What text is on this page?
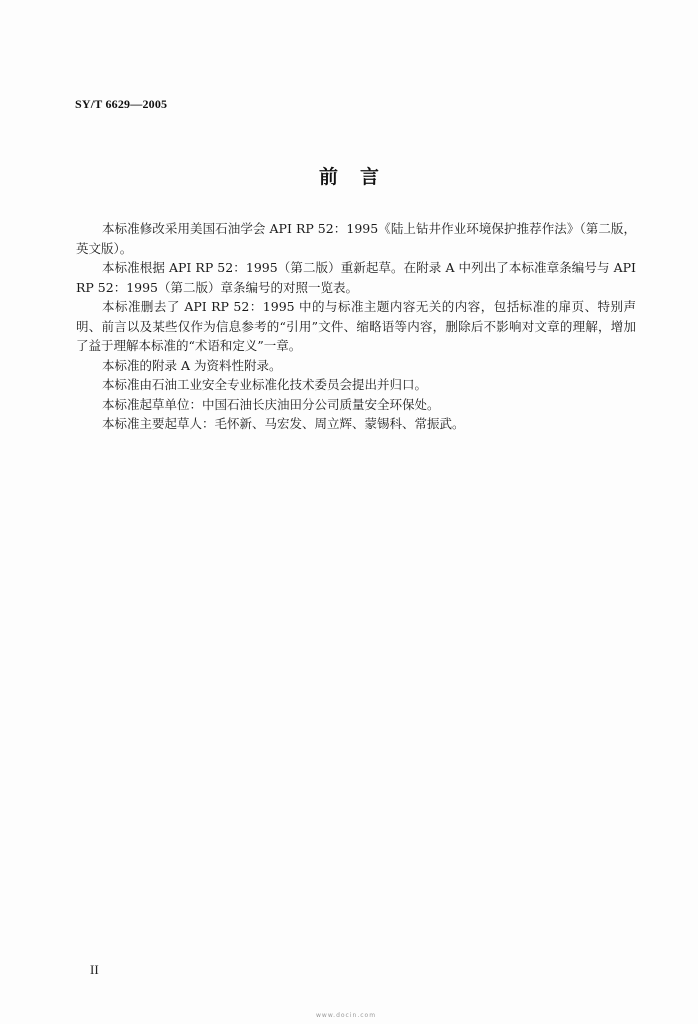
SY/T 6629—2005
前言

本标准修改采用美国石油学会 API RP 52：1995《陆上钻井作业环境保护推荐作法》（第二版，英文版）。

本标准根据 API RP 52：1995（第二版）重新起草。在附录 A 中列出了本标准章条编号与 API RP 52：1995（第二版）章条编号的对照一览表。

本标准删去了 API RP 52：1995 中的与标准主题内容无关的内容，包括标准的扉页、特别声明、前言以及某些仅作为信息参考的“引用”文件、缩略语等内容，删除后不影响对文章的理解，增加了益于理解本标准的“术语和定义”一章。

本标准的附录 A 为资料性附录。

本标准由石油工业安全专业标准化技术委员会提出并归口。

本标准起草单位：中国石油长庆油田分公司质量安全环保处。

本标准主要起草人：毛怀新、马宏发、周立辉、蒙锡科、常振武。

II
www.docin.com
